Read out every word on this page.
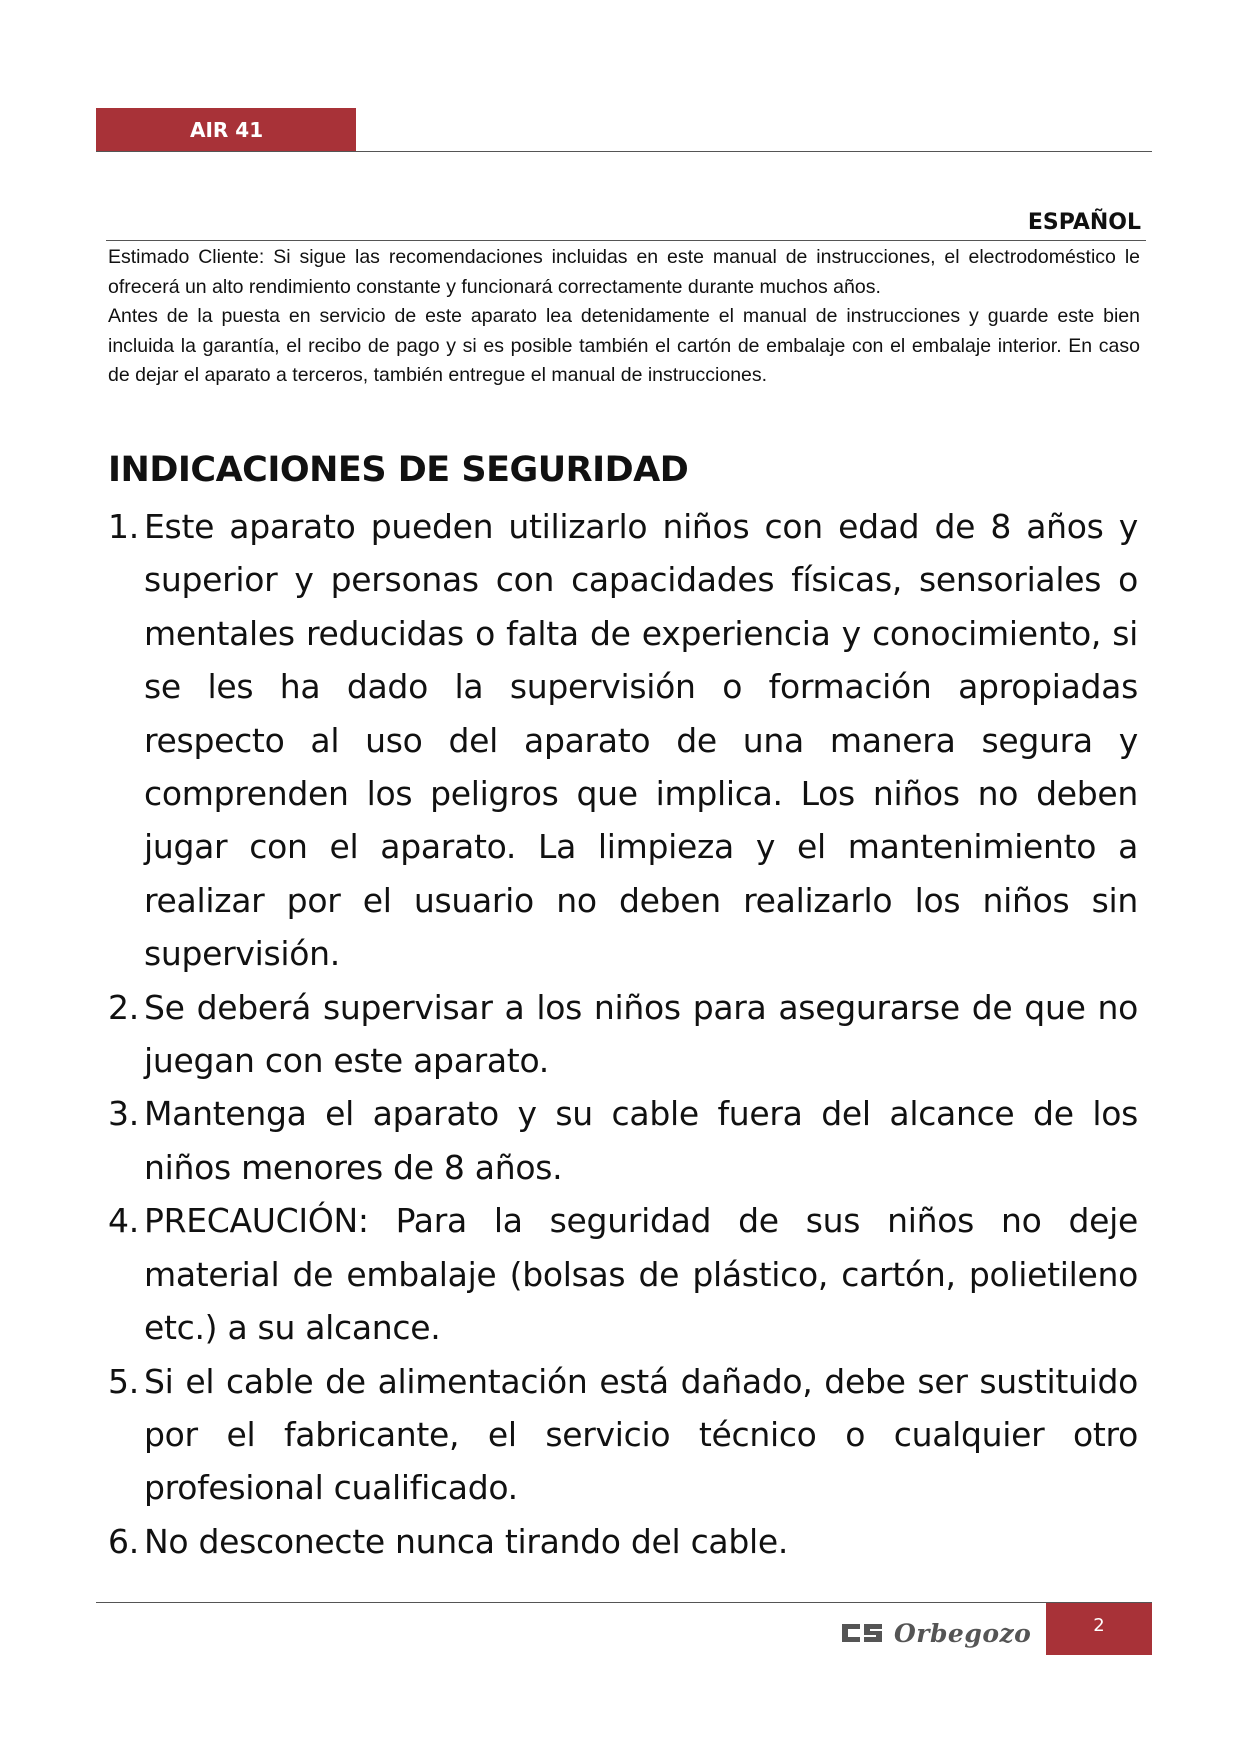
AIR 41
ESPAÑOL

Estimado Cliente: Si sigue las recomendaciones incluidas en este manual de instrucciones, el electrodoméstico le ofrecerá un alto rendimiento constante y funcionará correctamente durante muchos años.

Antes de la puesta en servicio de este aparato lea detenidamente el manual de instrucciones y guarde este bien incluida la garantía, el recibo de pago y si es posible también el cartón de embalaje con el embalaje interior. En caso de dejar el aparato a terceros, también entregue el manual de instrucciones.

INDICACIONES DE SEGURIDAD
1. Este aparato pueden utilizarlo niños con edad de 8 años y superior y personas con capacidades físicas, sensoriales o mentales reducidas o falta de experiencia y conocimiento, si se les ha dado la supervisión o formación apropiadas respecto al uso del aparato de una manera segura y comprenden los peligros que implica. Los niños no deben jugar con el aparato. La limpieza y el mantenimiento a realizar por el usuario no deben realizarlo los niños sin supervisión.
2. Se deberá supervisar a los niños para asegurarse de que no juegan con este aparato.
3. Mantenga el aparato y su cable fuera del alcance de los niños menores de 8 años.
4. PRECAUCIÓN: Para la seguridad de sus niños no deje material de embalaje (bolsas de plástico, cartón, polietileno etc.) a su alcance.
5. Si el cable de alimentación está dañado, debe ser sustituido por el fabricante, el servicio técnico o cualquier otro profesional cualificado.
6. No desconecte nunca tirando del cable.
Orbegozo	2
